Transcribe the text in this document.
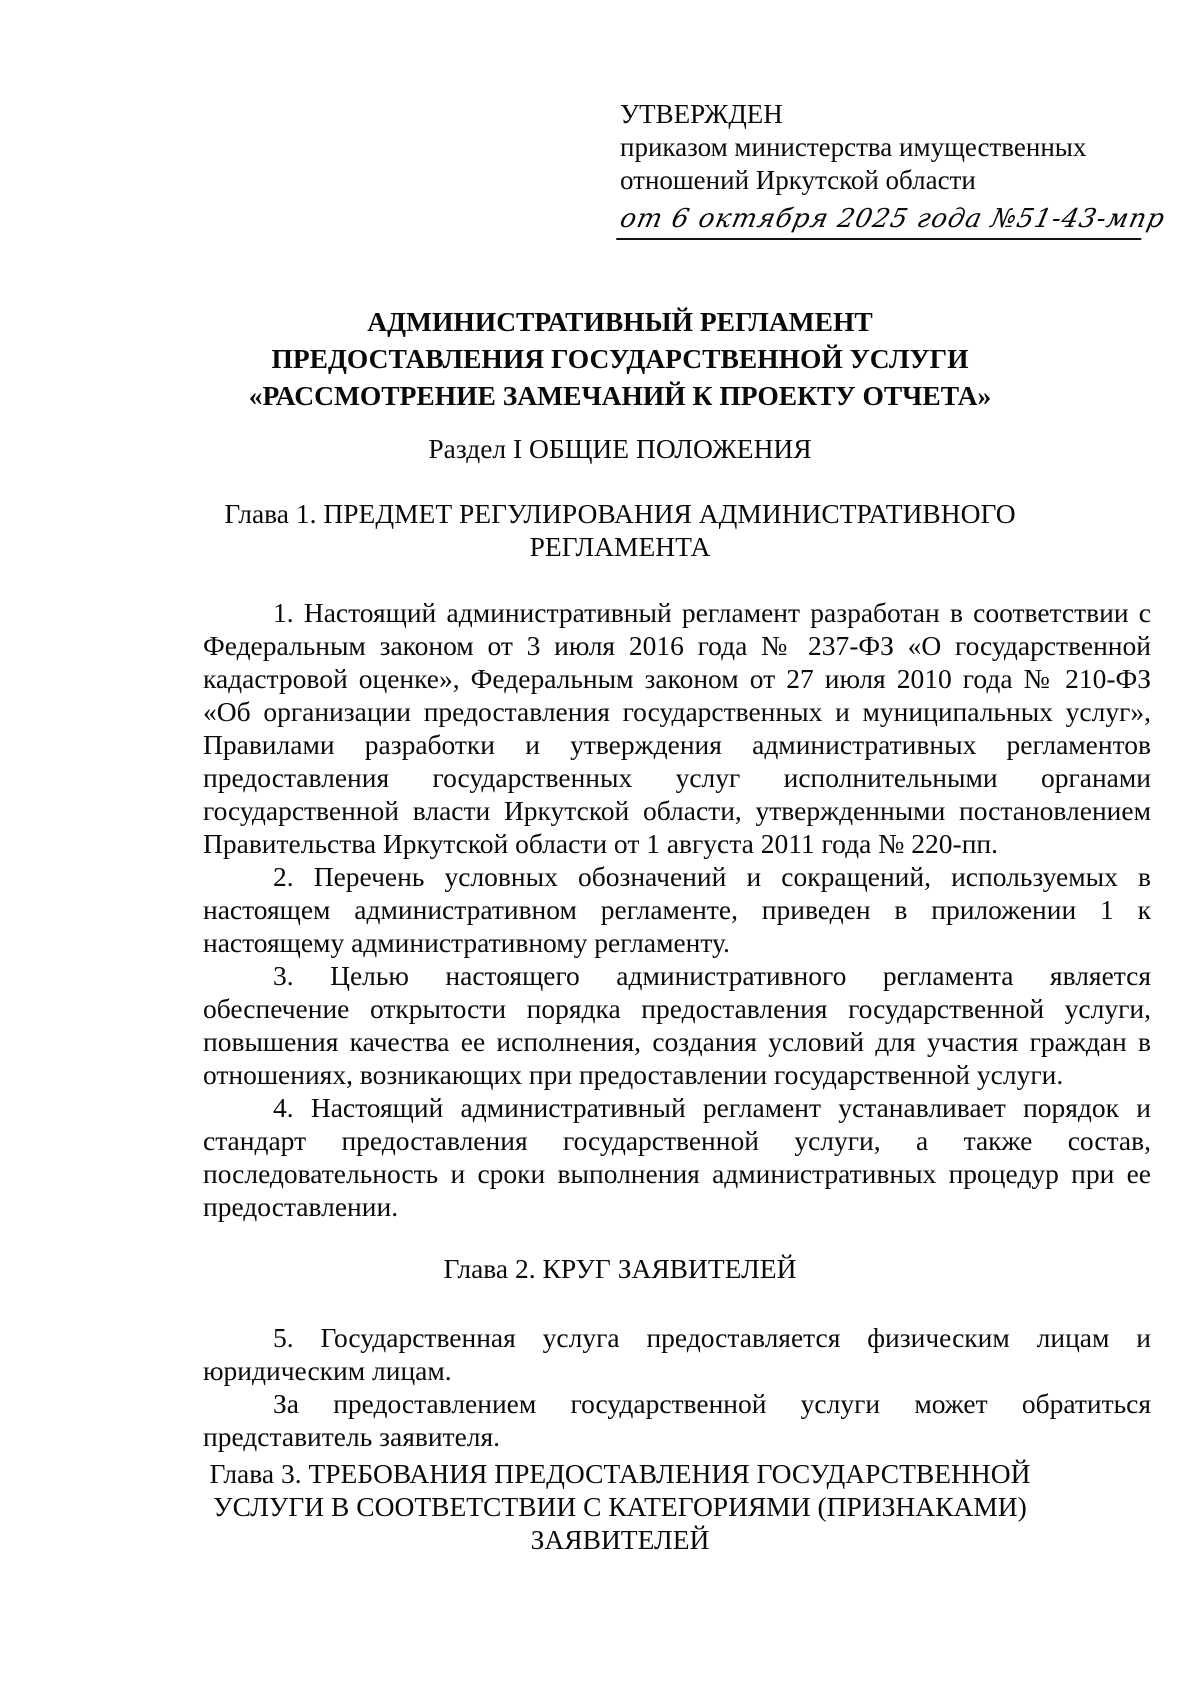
УТВЕРЖДЕН
приказом министерства имущественных
отношений Иркутской области
от 6 октября 2025 года №51-43-мпр
АДМИНИСТРАТИВНЫЙ РЕГЛАМЕНТ
ПРЕДОСТАВЛЕНИЯ ГОСУДАРСТВЕННОЙ УСЛУГИ
«РАССМОТРЕНИЕ ЗАМЕЧАНИЙ К ПРОЕКТУ ОТЧЕТА»
Раздел I ОБЩИЕ ПОЛОЖЕНИЯ
Глава 1. ПРЕДМЕТ РЕГУЛИРОВАНИЯ АДМИНИСТРАТИВНОГО
РЕГЛАМЕНТА

1. Настоящий административный регламент разработан в соответствии с Федеральным законом от 3 июля 2016 года № 237-ФЗ «О государственной кадастровой оценке», Федеральным законом от 27 июля 2010 года № 210-ФЗ «Об организации предоставления государственных и муниципальных услуг», Правилами разработки и утверждения административных регламентов предоставления государственных услуг исполнительными органами государственной власти Иркутской области, утвержденными постановлением Правительства Иркутской области от 1 августа 2011 года № 220-пп.

2. Перечень условных обозначений и сокращений, используемых в настоящем административном регламенте, приведен в приложении 1 к настоящему административному регламенту.

3. Целью настоящего административного регламента является обеспечение открытости порядка предоставления государственной услуги, повышения качества ее исполнения, создания условий для участия граждан в отношениях, возникающих при предоставлении государственной услуги.

4. Настоящий административный регламент устанавливает порядок и стандарт предоставления государственной услуги, а также состав, последовательность и сроки выполнения административных процедур при ее предоставлении.

Глава 2. КРУГ ЗАЯВИТЕЛЕЙ

5. Государственная услуга предоставляется физическим лицам и юридическим лицам.

За предоставлением государственной услуги может обратиться представитель заявителя.

Глава 3. ТРЕБОВАНИЯ ПРЕДОСТАВЛЕНИЯ ГОСУДАРСТВЕННОЙ
УСЛУГИ В СООТВЕТСТВИИ С КАТЕГОРИЯМИ (ПРИЗНАКАМИ)
ЗАЯВИТЕЛЕЙ
